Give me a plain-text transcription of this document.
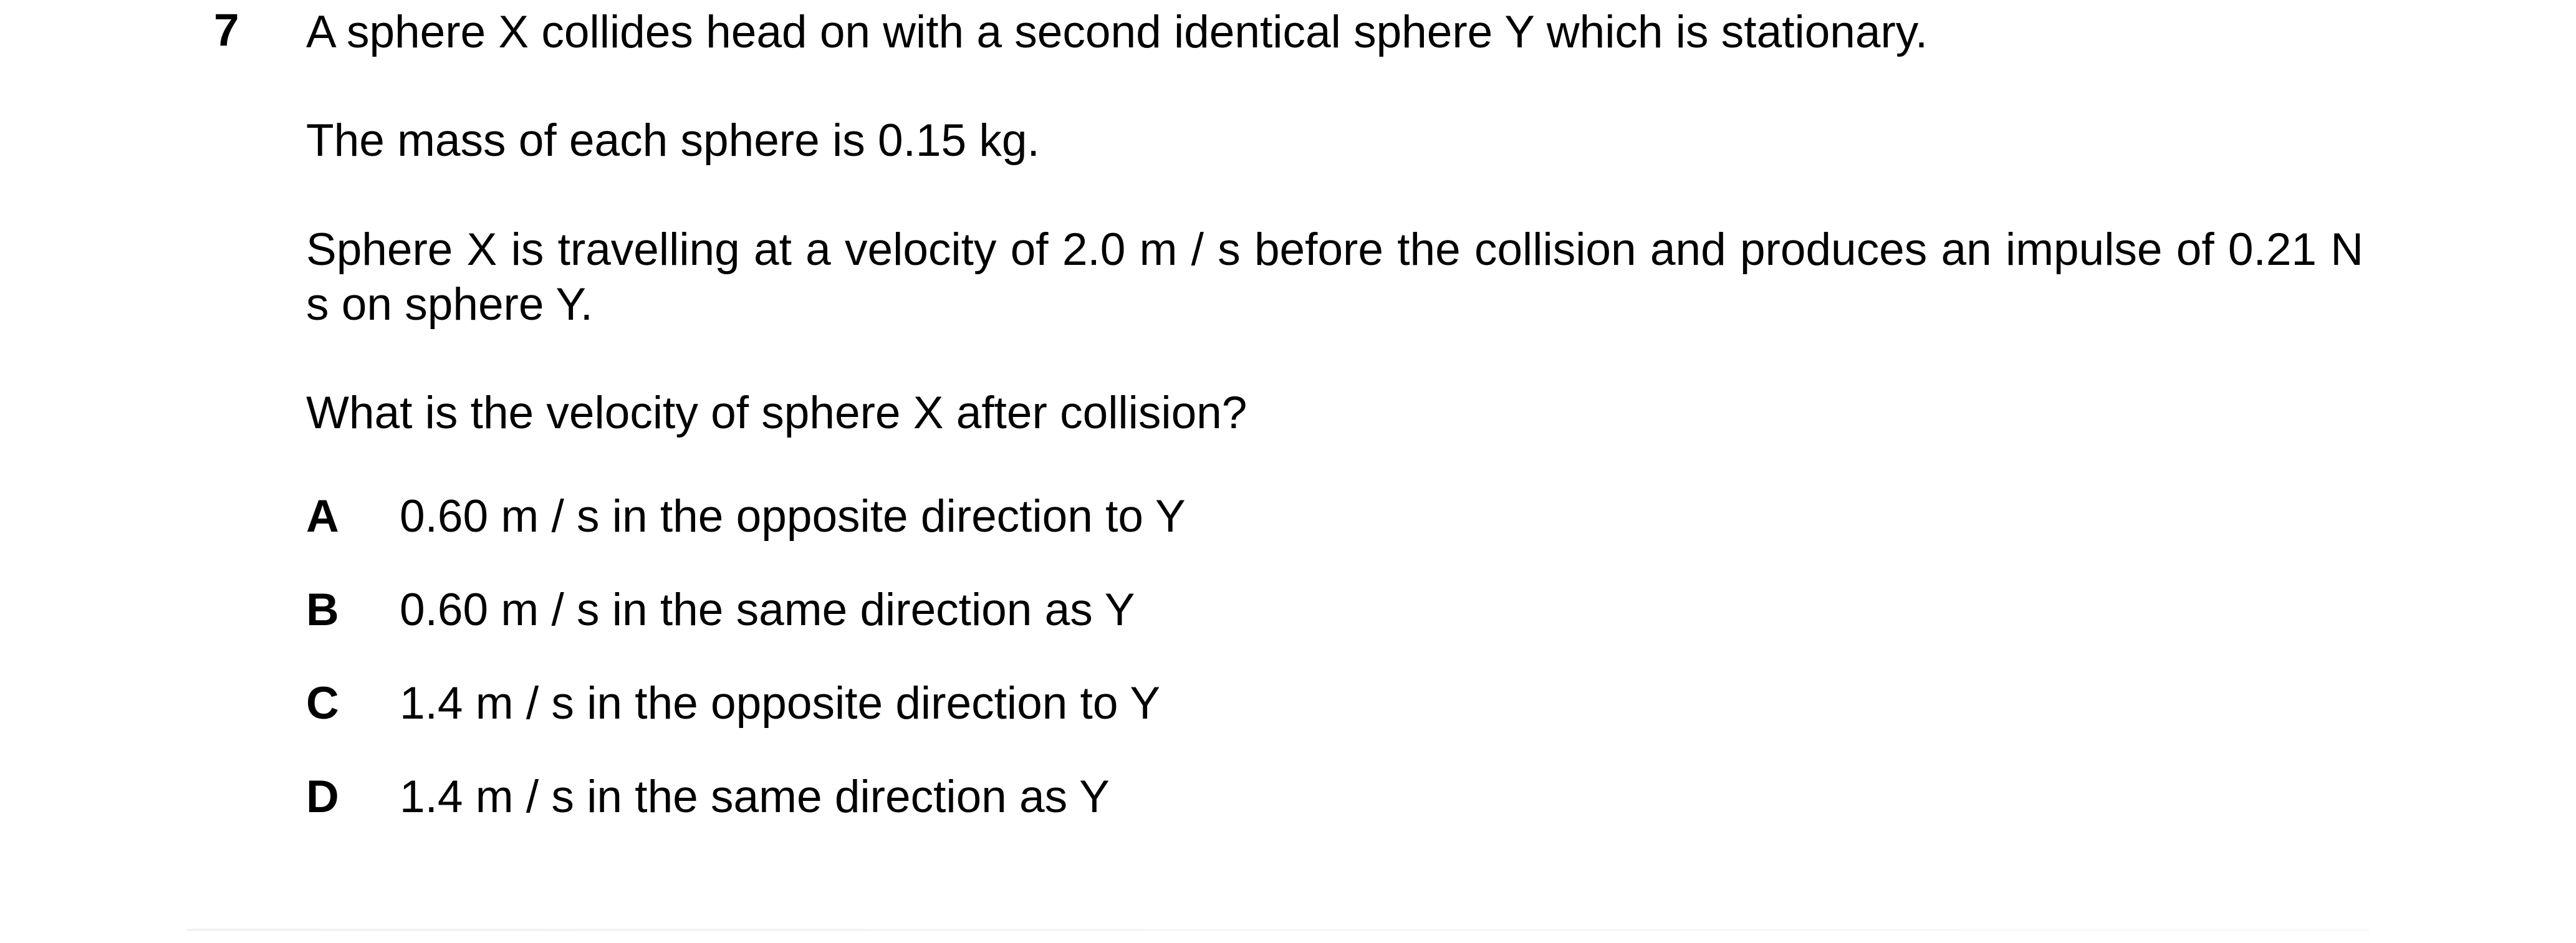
7 A sphere X collides head on with a second identical sphere Y which is stationary.
The mass of each sphere is 0.15 kg.
Sphere X is travelling at a velocity of 2.0 m / s before the collision and produces an impulse of 0.21 N s on sphere Y.
What is the velocity of sphere X after collision?
A 0.60 m / s in the opposite direction to Y
B 0.60 m / s in the same direction as Y
C 1.4 m / s in the opposite direction to Y
D 1.4 m / s in the same direction as Y
